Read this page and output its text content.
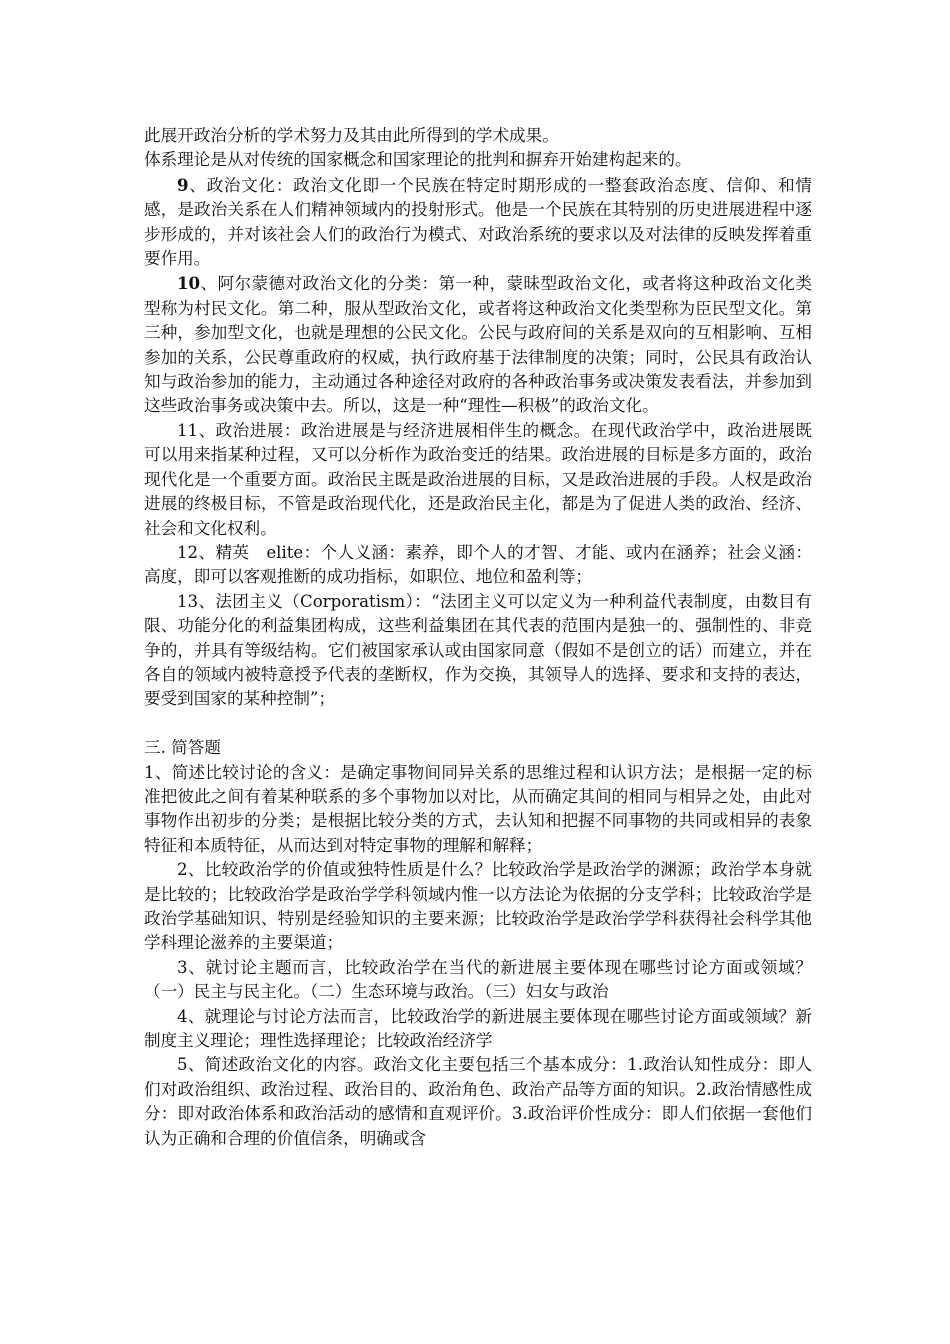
此展开政治分析的学术努力及其由此所得到的学术成果。

体系理论是从对传统的国家概念和国家理论的批判和摒弃开始建构起来的。

9、政治文化：政治文化即一个民族在特定时期形成的一整套政治态度、信仰、和情感，是政治关系在人们精神领域内的投射形式。他是一个民族在其特别的历史进展进程中逐步形成的，并对该社会人们的政治行为模式、对政治系统的要求以及对法律的反映发挥着重要作用。

10、阿尔蒙德对政治文化的分类：第一种，蒙昧型政治文化，或者将这种政治文化类型称为村民文化。第二种，服从型政治文化，或者将这种政治文化类型称为臣民型文化。第三种，参加型文化，也就是理想的公民文化。公民与政府间的关系是双向的互相影响、互相参加的关系，公民尊重政府的权威，执行政府基于法律制度的决策；同时，公民具有政治认知与政治参加的能力，主动通过各种途径对政府的各种政治事务或决策发表看法，并参加到这些政治事务或决策中去。所以，这是一种“理性—积极”的政治文化。

11、政治进展：政治进展是与经济进展相伴生的概念。在现代政治学中，政治进展既可以用来指某种过程，又可以分析作为政治变迁的结果。政治进展的目标是多方面的，政治现代化是一个重要方面。政治民主既是政治进展的目标，又是政治进展的手段。人权是政治进展的终极目标，不管是政治现代化，还是政治民主化，都是为了促进人类的政治、经济、社会和文化权利。

12、精英　elite：个人义涵：素养，即个人的才智、才能、或内在涵养；社会义涵：高度，即可以客观推断的成功指标，如职位、地位和盈利等；

13、法团主义（Corporatism）：“法团主义可以定义为一种利益代表制度，由数目有限、功能分化的利益集团构成，这些利益集团在其代表的范围内是独一的、强制性的、非竞争的，并具有等级结构。它们被国家承认或由国家同意（假如不是创立的话）而建立，并在各自的领域内被特意授予代表的垄断权，作为交换，其领导人的选择、要求和支持的表达，要受到国家的某种控制”；

三. 简答题

1、简述比较讨论的含义：是确定事物间同异关系的思维过程和认识方法；是根据一定的标准把彼此之间有着某种联系的多个事物加以对比，从而确定其间的相同与相异之处，由此对事物作出初步的分类；是根据比较分类的方式，去认知和把握不同事物的共同或相异的表象特征和本质特征，从而达到对特定事物的理解和解释；

2、比较政治学的价值或独特性质是什么？比较政治学是政治学的渊源；政治学本身就是比较的；比较政治学是政治学学科领域内惟一以方法论为依据的分支学科；比较政治学是政治学基础知识、特别是经验知识的主要来源；比较政治学是政治学学科获得社会科学其他学科理论滋养的主要渠道；

3、就讨论主题而言，比较政治学在当代的新进展主要体现在哪些讨论方面或领域？（一）民主与民主化。（二）生态环境与政治。（三）妇女与政治

4、就理论与讨论方法而言，比较政治学的新进展主要体现在哪些讨论方面或领域？新制度主义理论；理性选择理论；比较政治经济学

5、简述政治文化的内容。政治文化主要包括三个基本成分：1.政治认知性成分：即人们对政治组织、政治过程、政治目的、政治角色、政治产品等方面的知识。2.政治情感性成分：即对政治体系和政治活动的感情和直观评价。3.政治评价性成分：即人们依据一套他们认为正确和合理的价值信条，明确或含
